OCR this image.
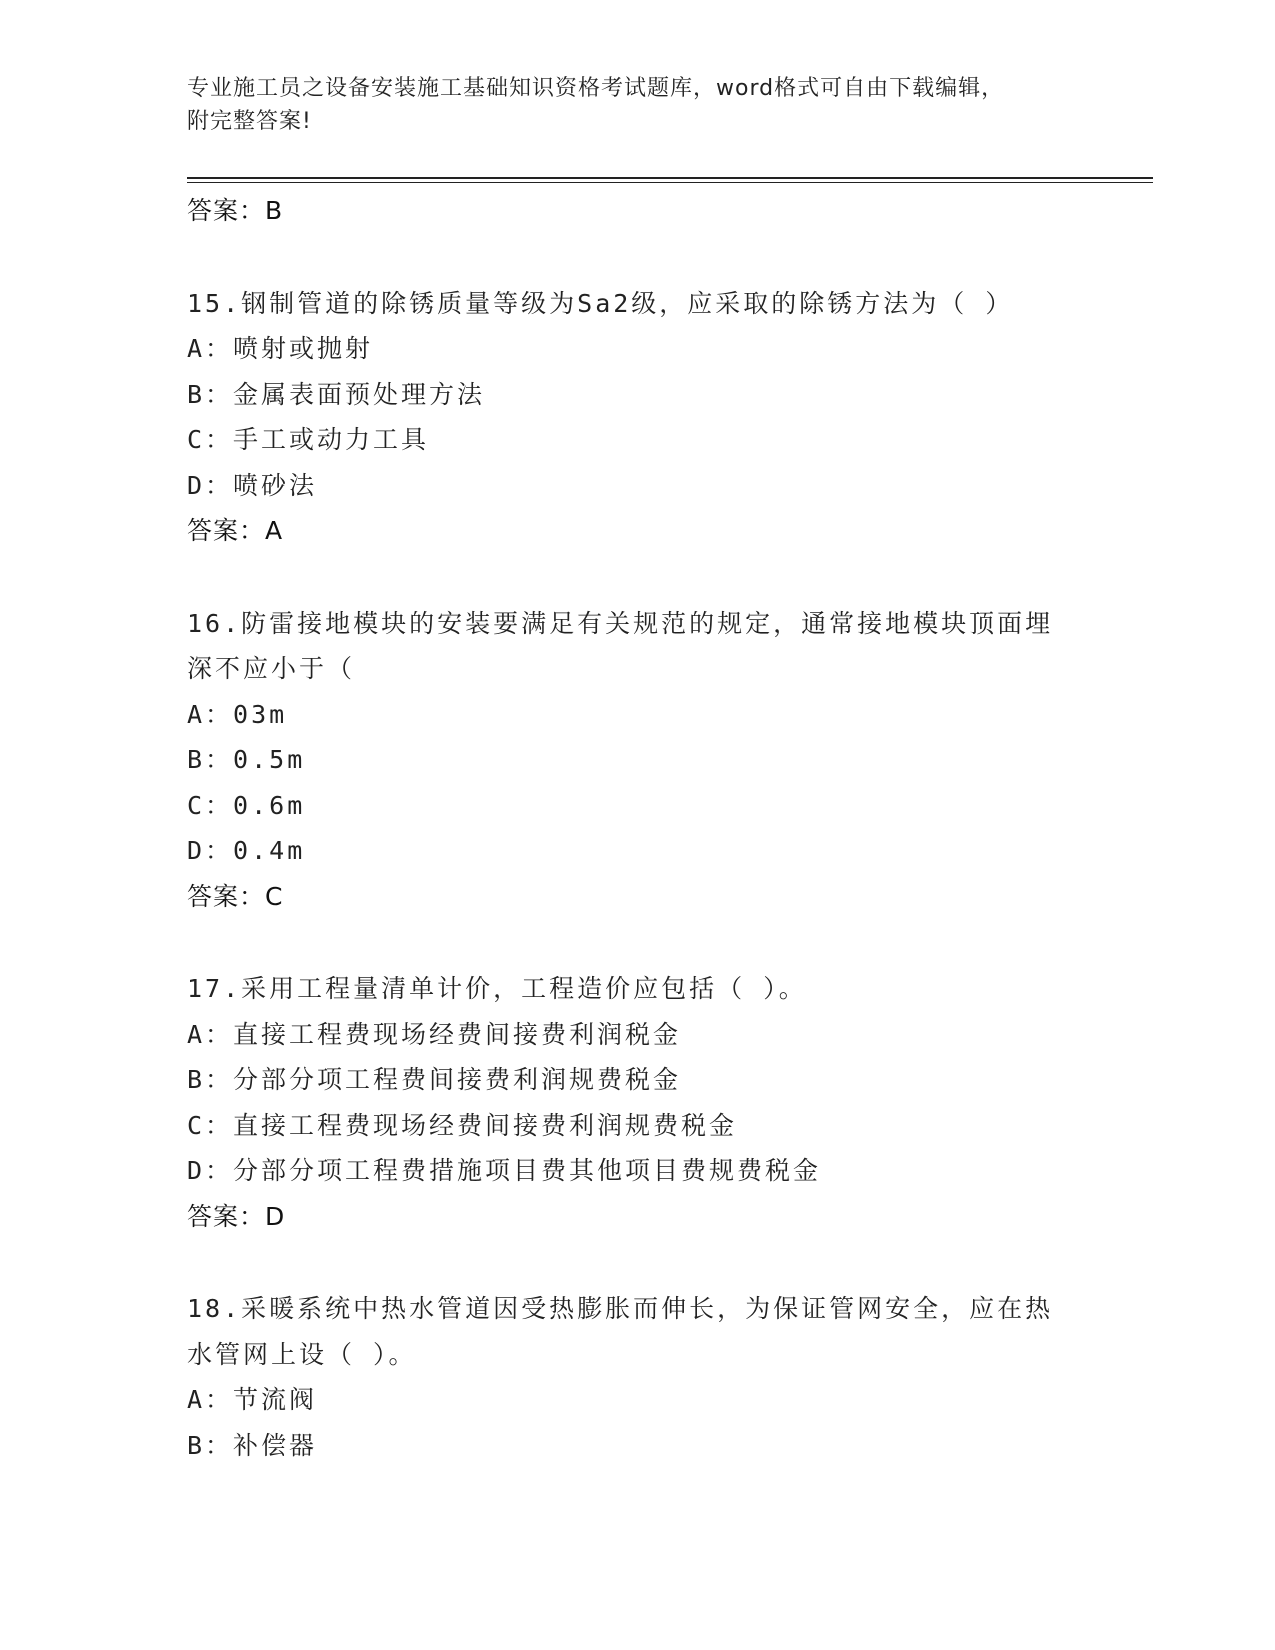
专业施工员之设备安装施工基础知识资格考试题库，word格式可自由下载编辑，
附完整答案!
答案：B
15.钢制管道的除锈质量等级为Sa2级，应采取的除锈方法为（ ）
A：喷射或抛射
B：金属表面预处理方法
C：手工或动力工具
D：喷砂法
答案：A
16.防雷接地模块的安装要满足有关规范的规定，通常接地模块顶面埋
深不应小于（
A：03m
B：0.5m
C：0.6m
D：0.4m
答案：C
17.采用工程量清单计价，工程造价应包括（ ）。
A：直接工程费现场经费间接费利润税金
B：分部分项工程费间接费利润规费税金
C：直接工程费现场经费间接费利润规费税金
D：分部分项工程费措施项目费其他项目费规费税金
答案：D
18.采暖系统中热水管道因受热膨胀而伸长，为保证管网安全，应在热
水管网上设（ ）。
A：节流阀
B：补偿器
